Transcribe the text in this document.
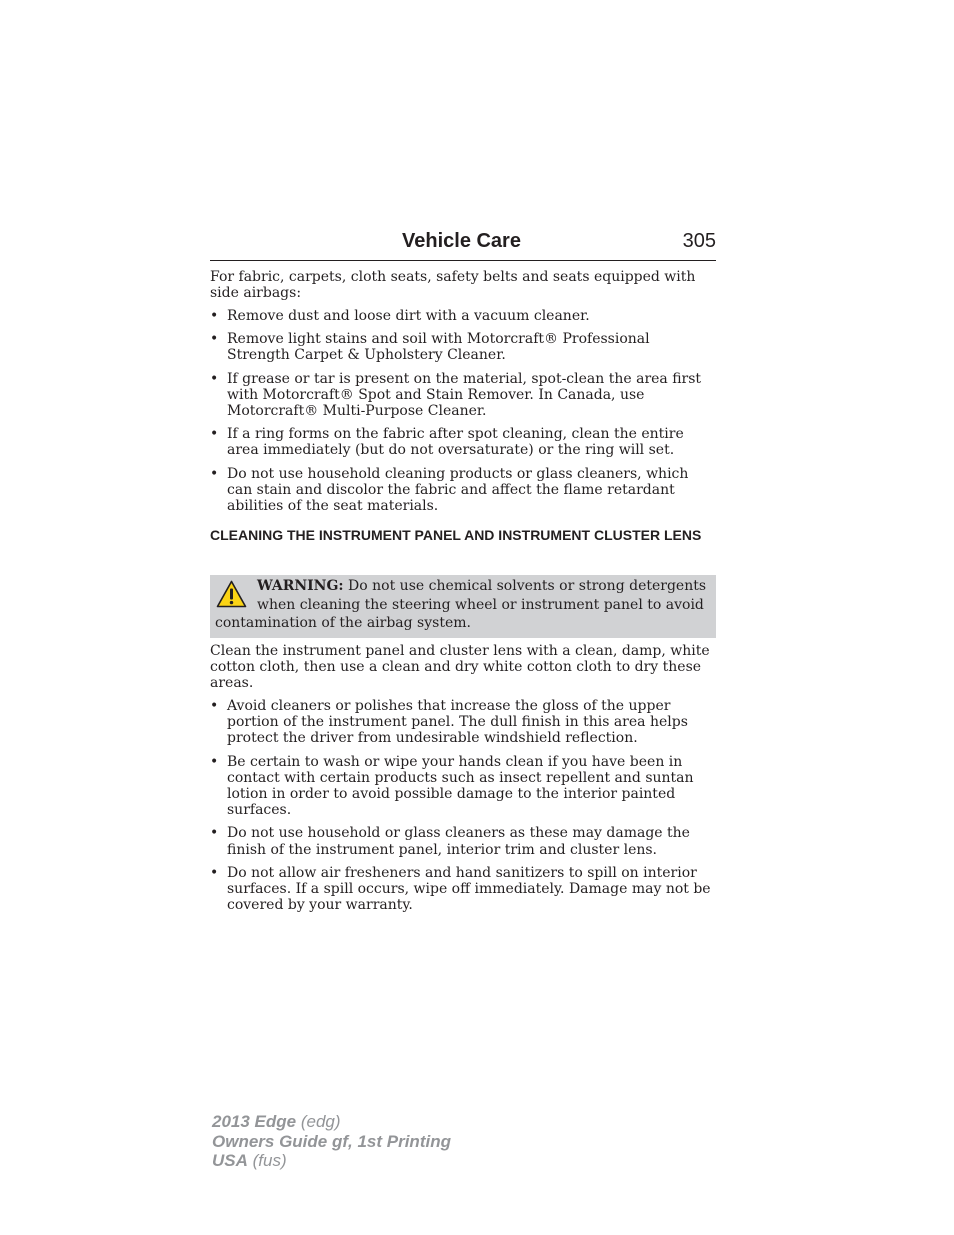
Vehicle Care	305

For fabric, carpets, cloth seats, safety belts and seats equipped with side airbags:

• Remove dust and loose dirt with a vacuum cleaner.
• Remove light stains and soil with Motorcraft® Professional Strength Carpet & Upholstery Cleaner.
• If grease or tar is present on the material, spot-clean the area first with Motorcraft® Spot and Stain Remover. In Canada, use Motorcraft® Multi-Purpose Cleaner.
• If a ring forms on the fabric after spot cleaning, clean the entire area immediately (but do not oversaturate) or the ring will set.
• Do not use household cleaning products or glass cleaners, which can stain and discolor the fabric and affect the flame retardant abilities of the seat materials.
CLEANING THE INSTRUMENT PANEL AND INSTRUMENT CLUSTER LENS

WARNING: Do not use chemical solvents or strong detergents when cleaning the steering wheel or instrument panel to avoid contamination of the airbag system.

Clean the instrument panel and cluster lens with a clean, damp, white cotton cloth, then use a clean and dry white cotton cloth to dry these areas.

• Avoid cleaners or polishes that increase the gloss of the upper portion of the instrument panel. The dull finish in this area helps protect the driver from undesirable windshield reflection.
• Be certain to wash or wipe your hands clean if you have been in contact with certain products such as insect repellent and suntan lotion in order to avoid possible damage to the interior painted surfaces.
• Do not use household or glass cleaners as these may damage the finish of the instrument panel, interior trim and cluster lens.
• Do not allow air fresheners and hand sanitizers to spill on interior surfaces. If a spill occurs, wipe off immediately. Damage may not be covered by your warranty.
2013 Edge (edg)
Owners Guide gf, 1st Printing
USA (fus)
